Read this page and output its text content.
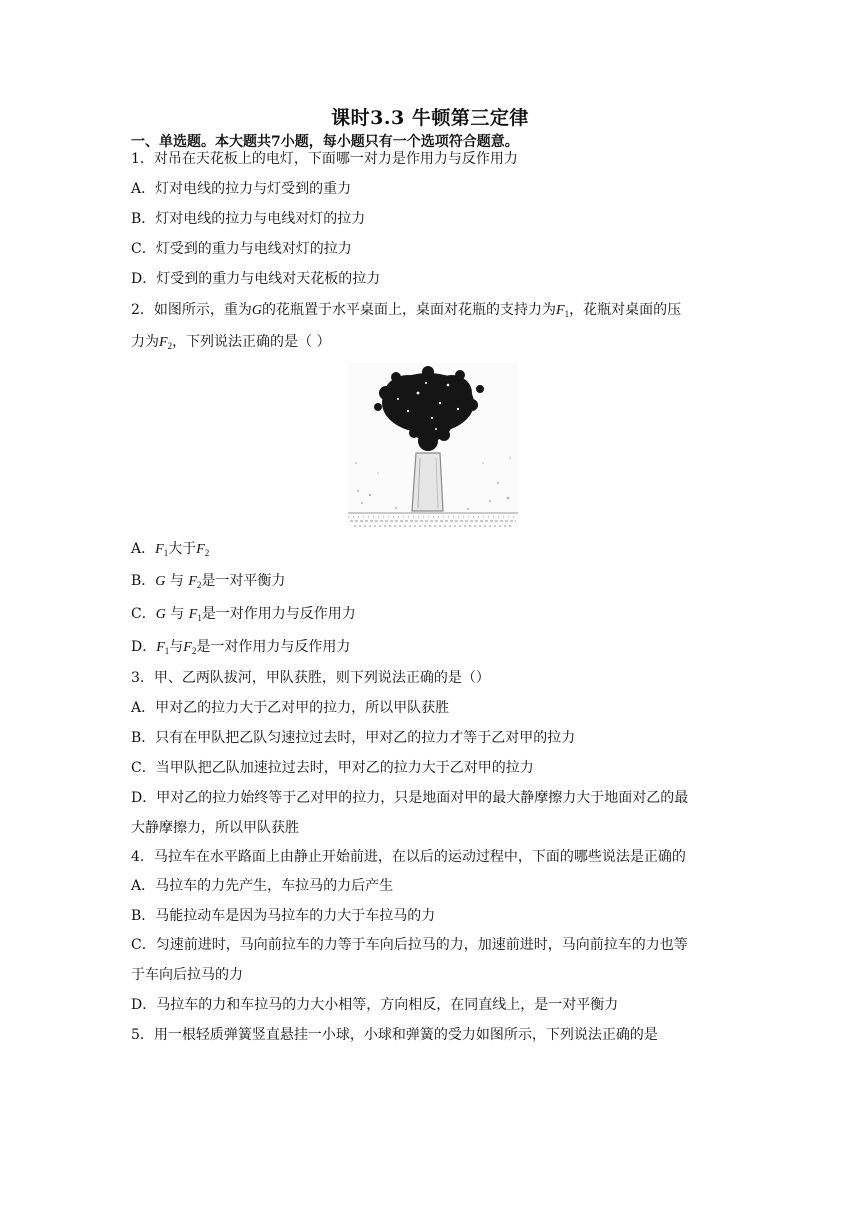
课时3.3 牛顿第三定律
一、单选题。本大题共7小题，每小题只有一个选项符合题意。
1．对吊在天花板上的电灯，下面哪一对力是作用力与反作用力
A．灯对电线的拉力与灯受到的重力
B．灯对电线的拉力与电线对灯的拉力
C．灯受到的重力与电线对灯的拉力
D．灯受到的重力与电线对天花板的拉力
2．如图所示，重为G的花瓶置于水平桌面上，桌面对花瓶的支持力为$F_1$，花瓶对桌面的压
力为$F_2$，下列说法正确的是（ ）
A．$F_1$大于$F_2$
B．G 与 $F_2$是一对平衡力
C．G 与 $F_1$是一对作用力与反作用力
D．$F_1$与$F_2$是一对作用力与反作用力
3．甲、乙两队拔河，甲队获胜，则下列说法正确的是（）
A．甲对乙的拉力大于乙对甲的拉力，所以甲队获胜
B．只有在甲队把乙队匀速拉过去时，甲对乙的拉力才等于乙对甲的拉力
C．当甲队把乙队加速拉过去时，甲对乙的拉力大于乙对甲的拉力
D．甲对乙的拉力始终等于乙对甲的拉力，只是地面对甲的最大静摩擦力大于地面对乙的最
大静摩擦力，所以甲队获胜
4．马拉车在水平路面上由静止开始前进，在以后的运动过程中，下面的哪些说法是正确的
A．马拉车的力先产生，车拉马的力后产生
B．马能拉动车是因为马拉车的力大于车拉马的力
C．匀速前进时，马向前拉车的力等于车向后拉马的力，加速前进时，马向前拉车的力也等
于车向后拉马的力
D．马拉车的力和车拉马的力大小相等，方向相反，在同直线上，是一对平衡力
5．用一根轻质弹簧竖直悬挂一小球，小球和弹簧的受力如图所示，下列说法正确的是
